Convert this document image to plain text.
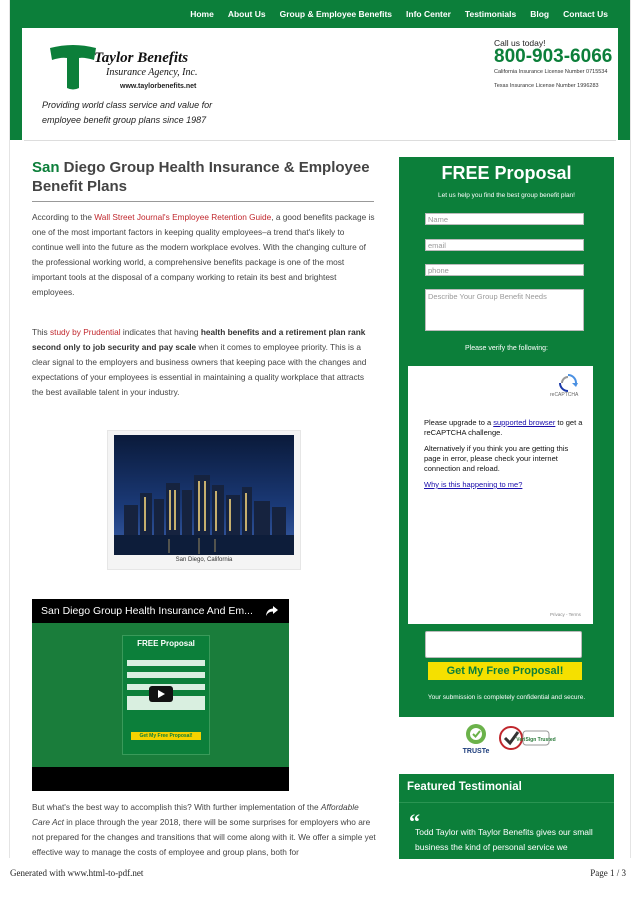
Home About Us Group & Employee Benefits Info Center Testimonials Blog Contact Us
Taylor Benefits
Insurance Agency, Inc.
www.taylorbenefits.net
Providing world class service and value for employee benefit group plans since 1987
Call us today!
800-903-6066
California Insurance License Number 0715534
Texas Insurance License Number 1996283
San Diego Group Health Insurance & Employee Benefit Plans
According to the Wall Street Journal's Employee Retention Guide, a good benefits package is one of the most important factors in keeping quality employees–a trend that's likely to continue well into the future as the modern workplace evolves. With the changing culture of the professional working world, a comprehensive benefits package is one of the most important tools at the disposal of a company working to retain its best and brightest employees.
This study by Prudential indicates that having health benefits and a retirement plan rank second only to job security and pay scale when it comes to employee priority. This is a clear signal to the employers and business owners that keeping pace with the changes and expectations of your employees is essential in maintaining a quality workplace that attracts the best available talent in your industry.
San Diego, California
San Diego Group Health Insurance And Em...
FREE Proposal
Get My Free Proposal!
But what's the best way to accomplish this? With further implementation of the Affordable Care Act in place through the year 2018, there will be some surprises for employers who are not prepared for the changes and transitions that will come along with it. We offer a simple yet effective way to manage the costs of employee and group plans, both for
FREE Proposal
Let us help you find the best group benefit plan!
Name
email
phone
Describe Your Group Benefit Needs
Please verify the following:
reCAPTCHA
Please upgrade to a supported browser to get a reCAPTCHA challenge.
Alternatively if you think you are getting this page in error, please check your internet connection and reload.
Why is this happening to me?
Privacy - Terms
Get My Free Proposal!
Your submission is completely confidential and secure.
TRUSTe
VeriSign Trusted
Featured Testimonial
“
Todd Taylor with Taylor Benefits gives our small business the kind of personal service we
Generated with www.html-to-pdf.net	Page 1 / 3
